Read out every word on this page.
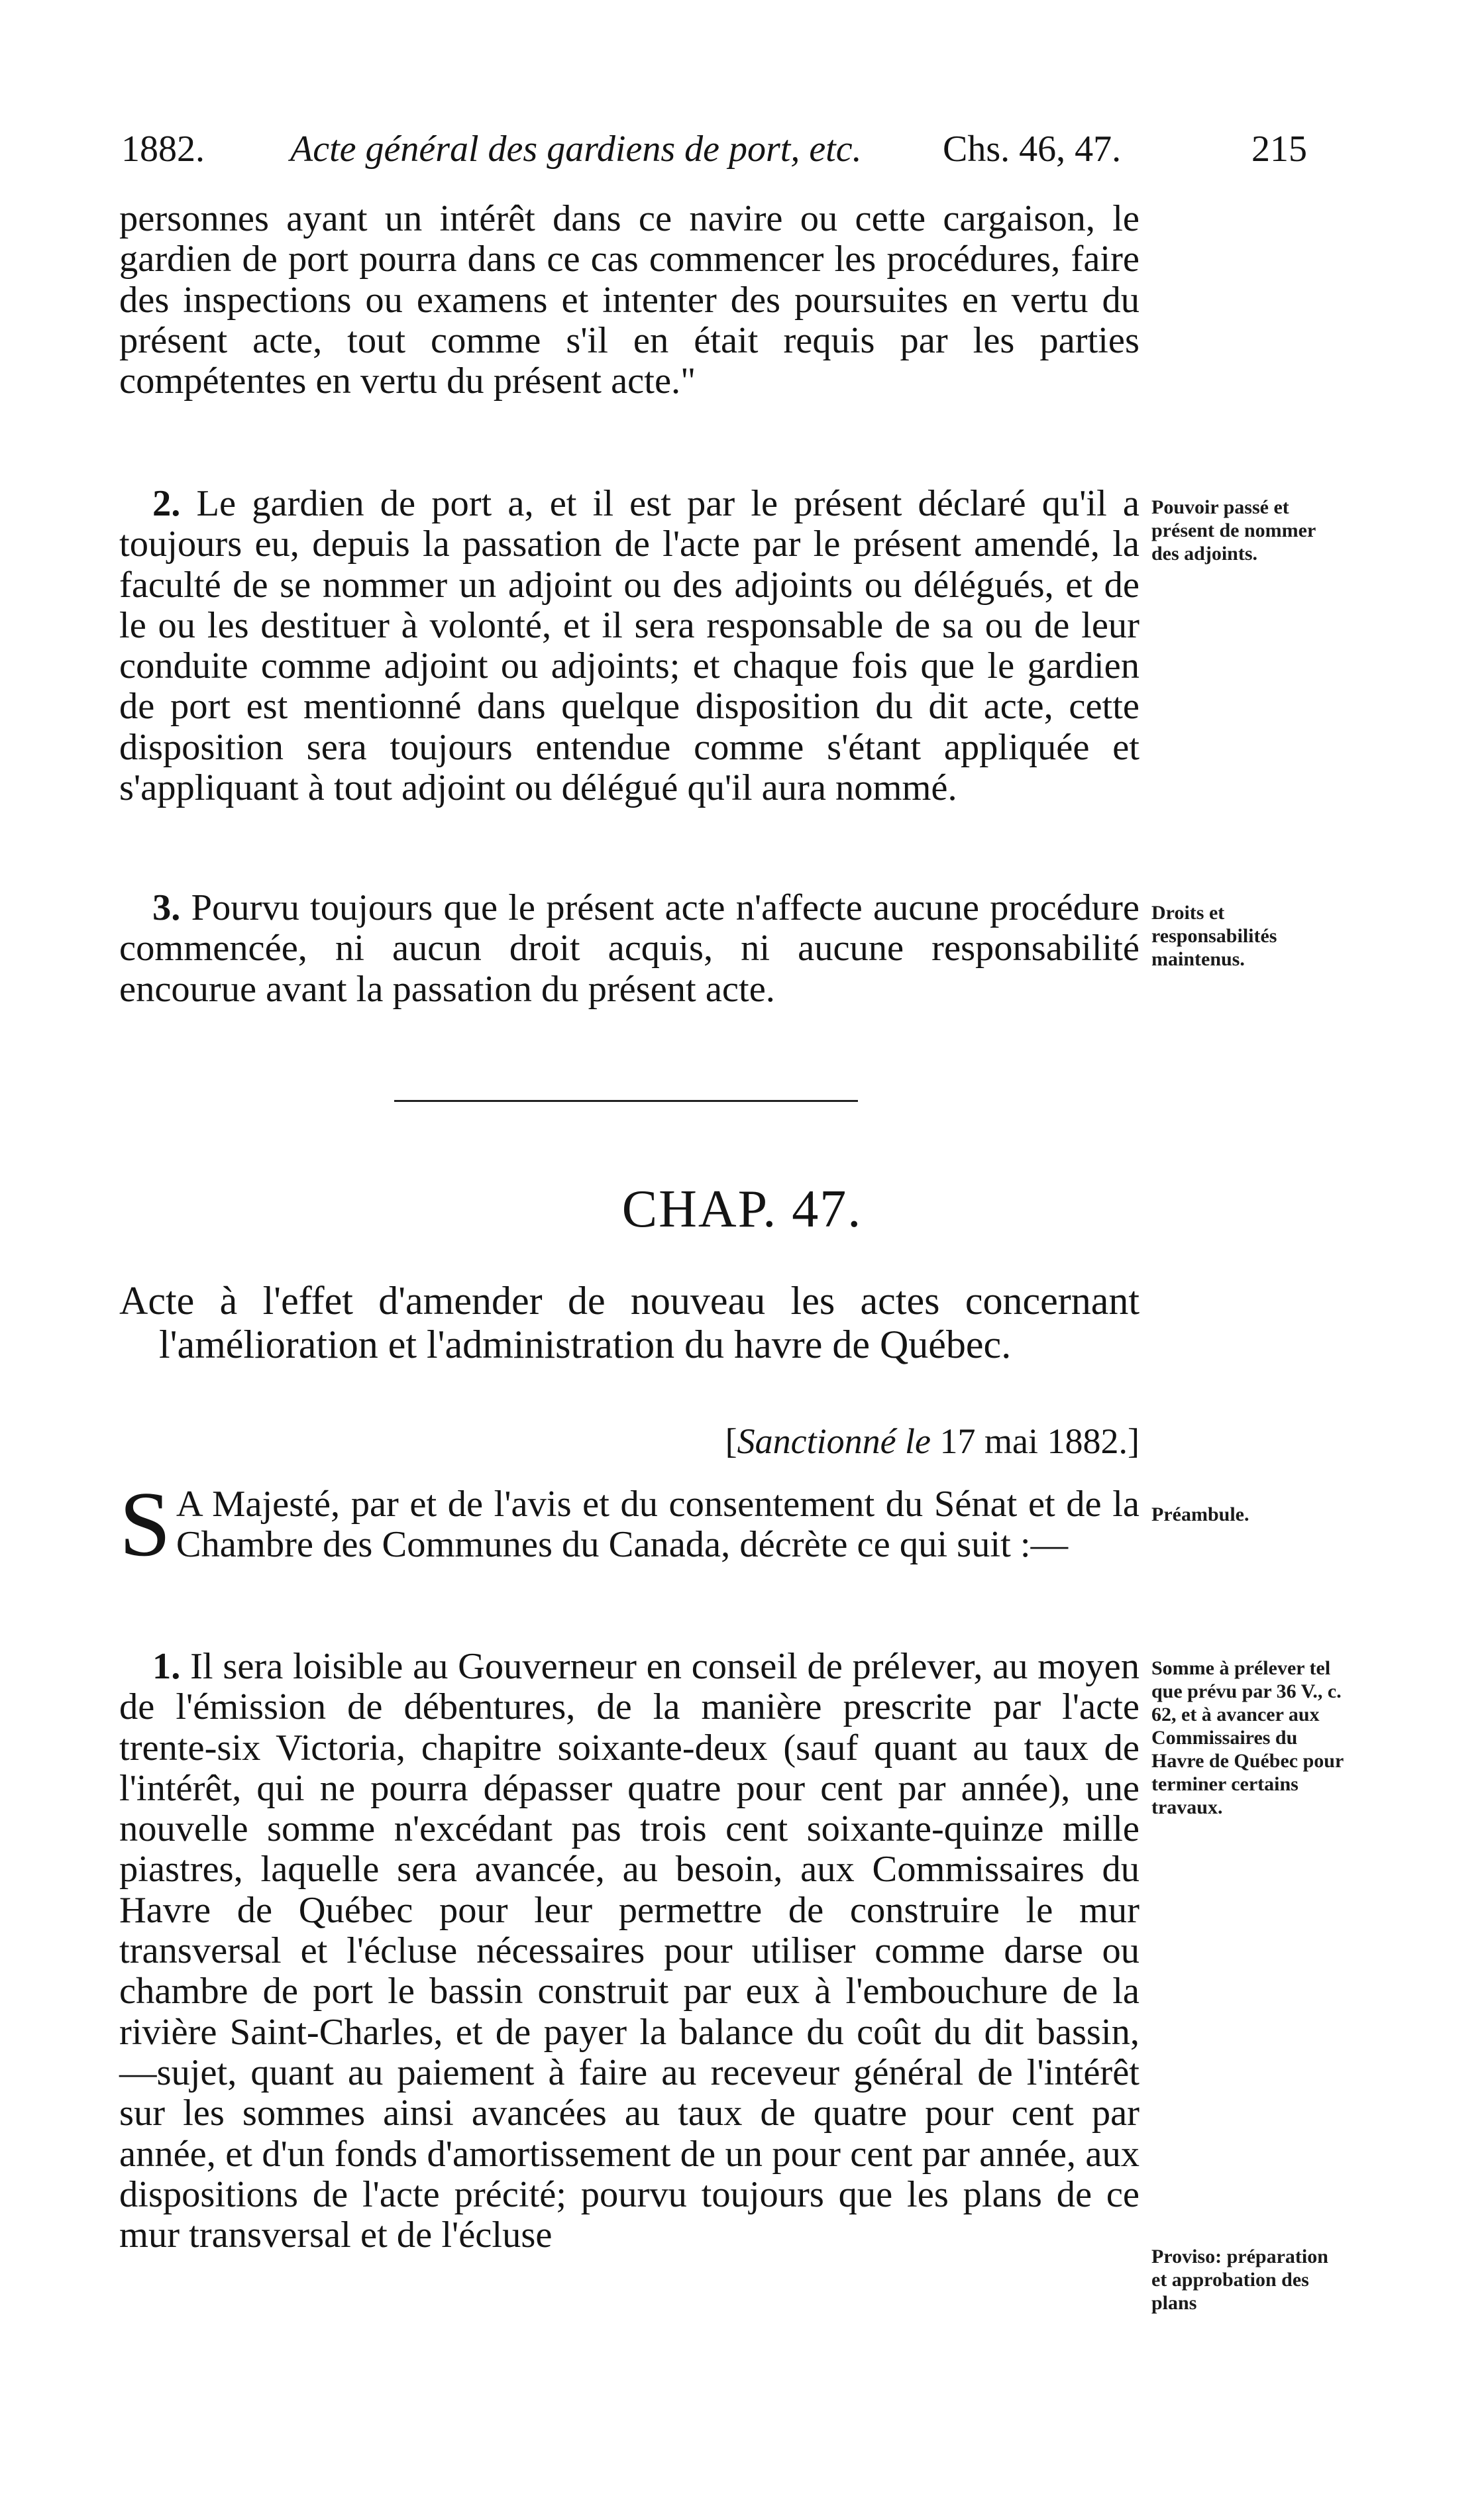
1882. Acte général des gardiens de port, etc. Chs. 46, 47.	215

personnes ayant un intérêt dans ce navire ou cette cargaison, le gardien de port pourra dans ce cas commencer les procédures, faire des inspections ou examens et intenter des poursuites en vertu du présent acte, tout comme s'il en était requis par les parties compétentes en vertu du présent acte."

2. Le gardien de port a, et il est par le présent déclaré qu'il a toujours eu, depuis la passation de l'acte par le présent amendé, la faculté de se nommer un adjoint ou des adjoints ou délégués, et de le ou les destituer à volonté, et il sera responsable de sa ou de leur conduite comme adjoint ou adjoints; et chaque fois que le gardien de port est mentionné dans quelque disposition du dit acte, cette disposition sera toujours entendue comme s'étant appliquée et s'appliquant à tout adjoint ou délégué qu'il aura nommé.

Pouvoir passé et présent de nommer des adjoints.

3. Pourvu toujours que le présent acte n'affecte aucune procédure commencée, ni aucun droit acquis, ni aucune responsabilité encourue avant la passation du présent acte.

Droits et responsabilités maintenus.
CHAP. 47.

Acte à l'effet d'amender de nouveau les actes concernant l'amélioration et l'administration du havre de Québec.

[Sanctionné le 17 mai 1882.]
S A Majesté, par et de l'avis et du consentement du Sénat et de la Chambre des Communes du Canada, décrète ce qui suit :—
Préambule.

1. Il sera loisible au Gouverneur en conseil de prélever, au moyen de l'émission de débentures, de la manière prescrite par l'acte trente-six Victoria, chapitre soixante-deux (sauf quant au taux de l'intérêt, qui ne pourra dépasser quatre pour cent par année), une nouvelle somme n'excédant pas trois cent soixante-quinze mille piastres, laquelle sera avancée, au besoin, aux Commissaires du Havre de Québec pour leur permettre de construire le mur transversal et l'écluse nécessaires pour utiliser comme darse ou chambre de port le bassin construit par eux à l'embouchure de la rivière Saint-Charles, et de payer la balance du coût du dit bassin, —sujet, quant au paiement à faire au receveur général de l'intérêt sur les sommes ainsi avancées au taux de quatre pour cent par année, et d'un fonds d'amortissement de un pour cent par année, aux dispositions de l'acte précité; pourvu toujours que les plans de ce mur transversal et de l'écluse

Somme à prélever tel que prévu par 36 V., c. 62, et à avancer aux Commissaires du Havre de Québec pour terminer certains travaux.
Proviso: préparation et approbation des plans
